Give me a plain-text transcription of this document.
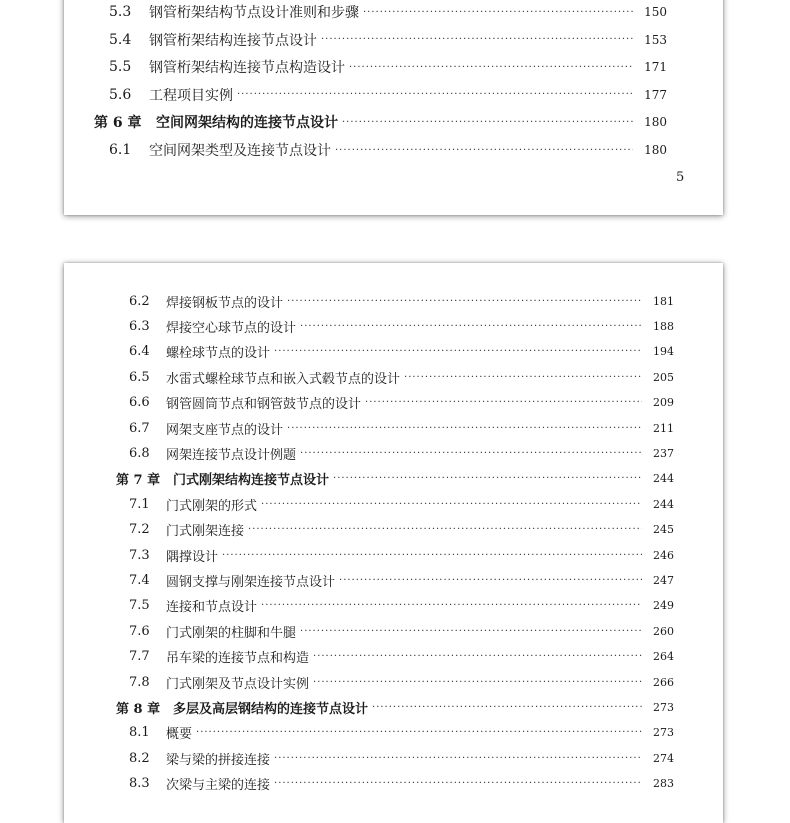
5.3	钢管桁架结构节点设计准则和步骤 ·····	150
5.4	钢管桁架结构连接节点设计 ·····	153
5.5	钢管桁架结构连接节点构造设计 ·····	171
5.6	工程项目实例 ·····	177
第 6 章	空间网架结构的连接节点设计 ·····	180
6.1	空间网架类型及连接节点设计 ·····	180
5
6.2	焊接钢板节点的设计 ·····	181
6.3	焊接空心球节点的设计 ·····	188
6.4	螺栓球节点的设计 ·····	194
6.5	水雷式螺栓球节点和嵌入式毂节点的设计 ·····	205
6.6	钢管圆筒节点和钢管鼓节点的设计 ·····	209
6.7	网架支座节点的设计 ·····	211
6.8	网架连接节点设计例题 ·····	237
第 7 章 门式刚架结构连接节点设计 ·····	244
7.1	门式刚架的形式 ·····	244
7.2	门式刚架连接 ·····	245
7.3	隅撑设计 ·····	246
7.4	圆钢支撑与刚架连接节点设计 ·····	247
7.5	连接和节点设计 ·····	249
7.6	门式刚架的柱脚和牛腿 ·····	260
7.7	吊车梁的连接节点和构造 ·····	264
7.8	门式刚架及节点设计实例 ·····	266
第 8 章 多层及高层钢结构的连接节点设计 ·····	273
8.1	概要 ·····	273
8.2	梁与梁的拼接连接 ·····	274
8.3	次梁与主梁的连接 ·····	283
